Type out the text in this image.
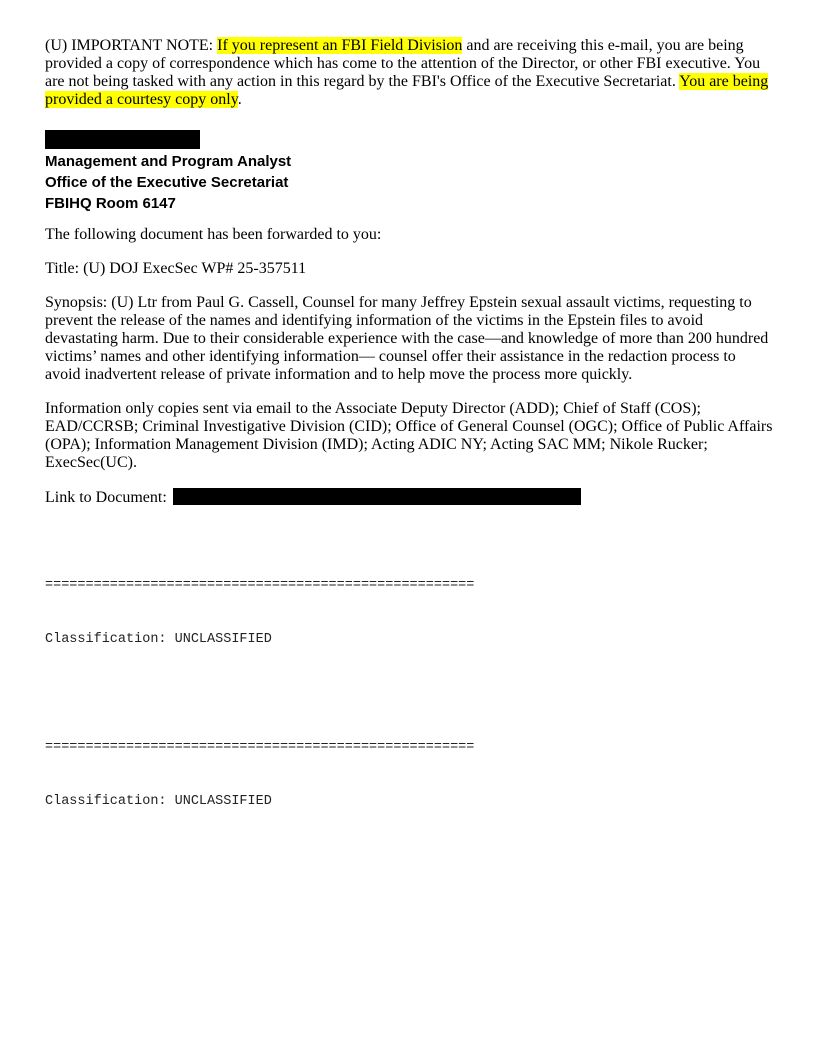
(U) IMPORTANT NOTE: If you represent an FBI Field Division and are receiving this e-mail, you are being provided a copy of correspondence which has come to the attention of the Director, or other FBI executive. You are not being tasked with any action in this regard by the FBI's Office of the Executive Secretariat. You are being provided a courtesy copy only.

Management and Program Analyst
Office of the Executive Secretariat
FBIHQ Room 6147

The following document has been forwarded to you:

Title: (U) DOJ ExecSec WP# 25-357511

Synopsis: (U) Ltr from Paul G. Cassell, Counsel for many Jeffrey Epstein sexual assault victims, requesting to prevent the release of the names and identifying information of the victims in the Epstein files to avoid devastating harm. Due to their considerable experience with the case—and knowledge of more than 200 hundred victims’ names and other identifying information— counsel offer their assistance in the redaction process to avoid inadvertent release of private information and to help move the process more quickly.

Information only copies sent via email to the Associate Deputy Director (ADD); Chief of Staff (COS); EAD/CCRSB; Criminal Investigative Division (CID); Office of General Counsel (OGC); Office of Public Affairs (OPA); Information Management Division (IMD); Acting ADIC NY; Acting SAC MM; Nikole Rucker; ExecSec(UC).

Link to Document:

=====================================================

Classification: UNCLASSIFIED

=====================================================

Classification: UNCLASSIFIED
